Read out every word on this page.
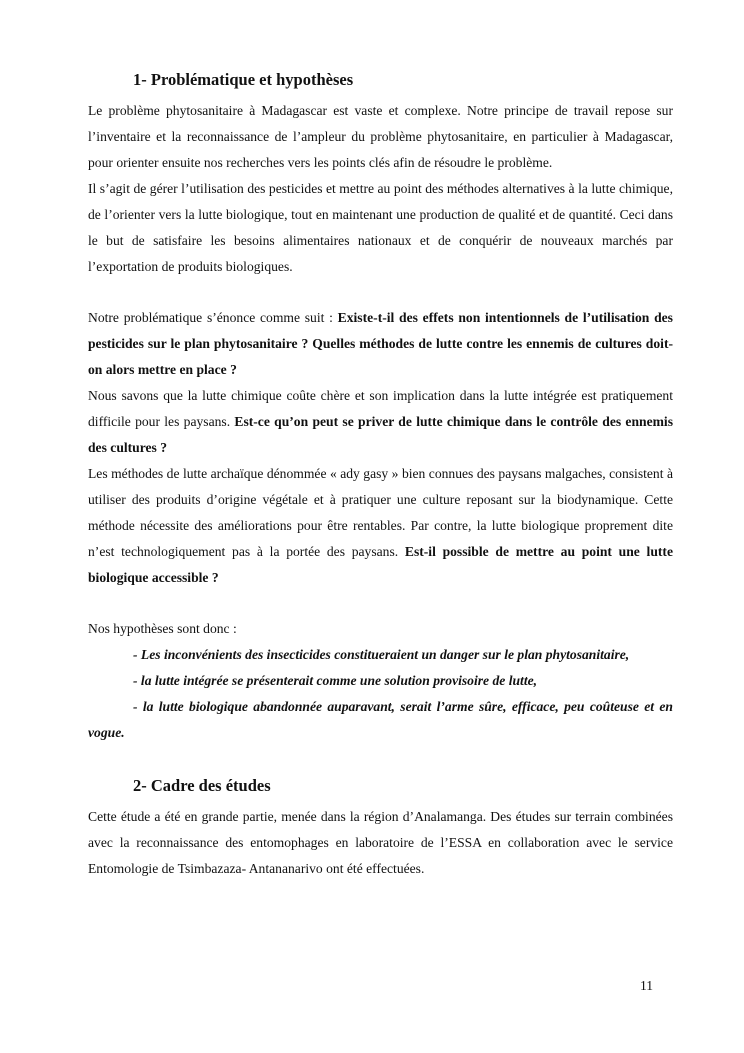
1- Problématique et hypothèses

Le problème phytosanitaire à Madagascar est vaste et complexe. Notre principe de travail repose sur l’inventaire et la reconnaissance de l’ampleur du problème phytosanitaire, en particulier à Madagascar, pour orienter ensuite nos recherches vers les points clés afin de résoudre le problème.

Il s’agit de gérer l’utilisation des pesticides et mettre au point des méthodes alternatives à la lutte chimique, de l’orienter vers la lutte biologique, tout en maintenant une production de qualité et de quantité. Ceci dans le but de satisfaire les besoins alimentaires nationaux et de conquérir de nouveaux marchés par l’exportation de produits biologiques.

Notre problématique s’énonce comme suit : Existe-t-il des effets non intentionnels de l’utilisation des pesticides sur le plan phytosanitaire ? Quelles méthodes de lutte contre les ennemis de cultures doit-on alors mettre en place ?

Nous savons que la lutte chimique coûte chère et son implication dans la lutte intégrée est pratiquement difficile pour les paysans. Est-ce qu’on peut se priver de lutte chimique dans le contrôle des ennemis des cultures ?

Les méthodes de lutte archaïque dénommée « ady gasy » bien connues des paysans malgaches, consistent à utiliser des produits d’origine végétale et à pratiquer une culture reposant sur la biodynamique. Cette méthode nécessite des améliorations pour être rentables. Par contre, la lutte biologique proprement dite n’est technologiquement pas à la portée des paysans. Est-il possible de mettre au point une lutte biologique accessible ?

Nos hypothèses sont donc :

- Les inconvénients des insecticides constitueraient un danger sur le plan phytosanitaire,

- la lutte intégrée se présenterait comme une solution provisoire de lutte,

- la lutte biologique abandonnée auparavant, serait l’arme sûre, efficace, peu coûteuse et en vogue.

2- Cadre des études

Cette étude a été en grande partie, menée dans la région d’Analamanga. Des études sur terrain combinées avec la reconnaissance des entomophages en laboratoire de l’ESSA en collaboration avec le service Entomologie de Tsimbazaza- Antananarivo ont été effectuées.

11
